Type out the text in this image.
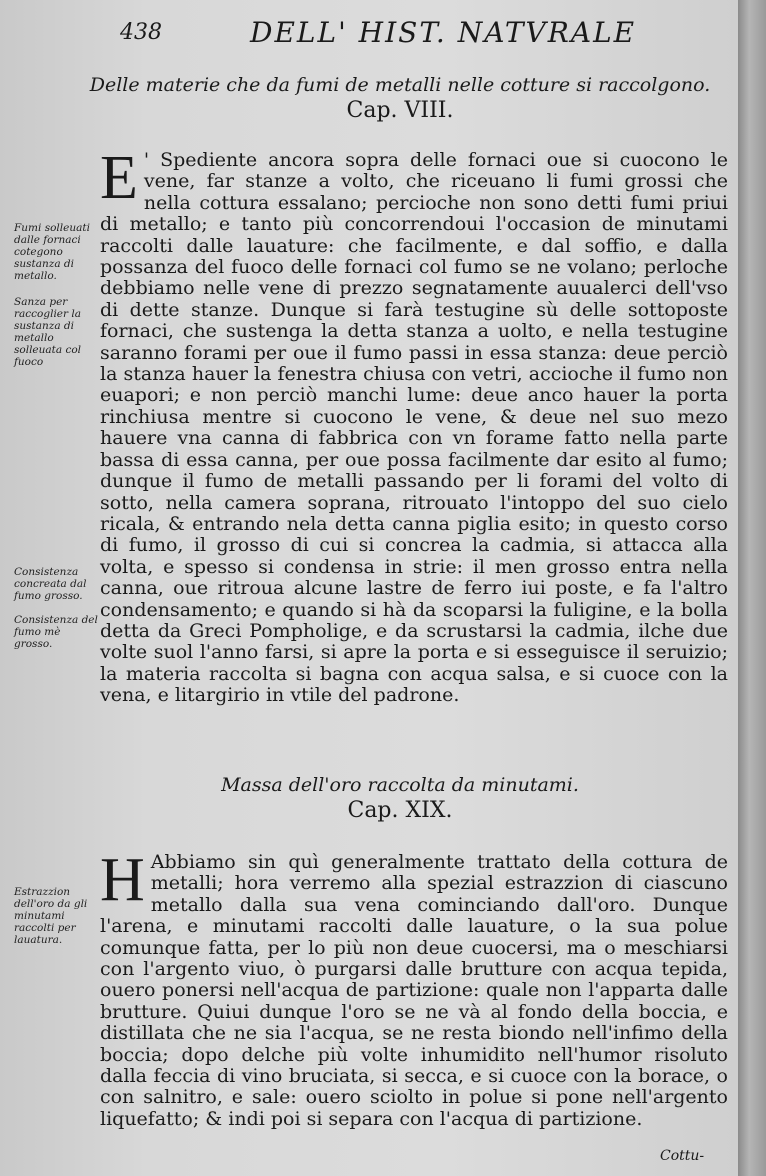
438	DELL' HIST. NATVRALE
Delle materie che da fumi de metalli nelle cotture si raccolgono.
Cap. VIII.
E ' Spediente ancora sopra delle fornaci oue si cuocono le vene, far stanze a volto, che riceuano li fumi grossi che nella cottura essalano; percioche non sono detti fumi priui di metallo; e tanto più concorrendoui l'occasion de minutami raccolti dalle lauature: che facilmente, e dal soffio, e dalla possanza del fuoco delle fornaci col fumo se ne volano; perloche debbiamo nelle vene di prezzo segnatamente auualerci dell'vso di dette stanze. Dunque si farà testugine sù delle sottoposte fornaci, che sustenga la detta stanza a uolto, e nella testugine saranno forami per oue il fumo passi in essa stanza: deue perciò la stanza hauer la fenestra chiusa con vetri, accioche il fumo non euapori; e non perciò manchi lume: deue anco hauer la porta rinchiusa mentre si cuocono le vene, & deue nel suo mezo hauere vna canna di fabbrica con vn forame fatto nella parte bassa di essa canna, per oue possa facilmente dar esito al fumo; dunque il fumo de metalli passando per li forami del volto di sotto, nella camera soprana, ritrouato l'intoppo del suo cielo ricala, & entrando nela detta canna piglia esito; in questo corso di fumo, il grosso di cui si concrea la cadmia, si attacca alla volta, e spesso si condensa in strie: il men grosso entra nella canna, oue ritroua alcune lastre de ferro iui poste, e fa l'altro condensamento; e quando si hà da scoparsi la fuligine, e la bolla detta da Greci Pompholige, e da scrustarsi la cadmia, ilche due volte suol l'anno farsi, si apre la porta e si esseguisce il seruizio; la materia raccolta si bagna con acqua salsa, e si cuoce con la vena, e litargirio in vtile del padrone.
Fumi solleuati dalle fornaci cotegono sustanza di metallo.
Sanza per raccoglier la sustanza di metallo solleuata col fuoco
Consistenza concreata dal fumo grosso.
Consistenza del fumo mè grosso.
Massa dell'oro raccolta da minutami.
Cap. XIX.
H Abbiamo sin quì generalmente trattato della cottura de metalli; hora verremo alla spezial estrazzion di ciascuno metallo dalla sua vena cominciando dall'oro. Dunque l'arena, e minutami raccolti dalle lauature, o la sua polue comunque fatta, per lo più non deue cuocersi, ma o meschiarsi con l'argento viuo, ò purgarsi dalle brutture con acqua tepida, ouero ponersi nell'acqua de partizione: quale non l'apparta dalle brutture. Quiui dunque l'oro se ne và al fondo della boccia, e distillata che ne sia l'acqua, se ne resta biondo nell'infimo della boccia; dopo delche più volte inhumidito nell'humor risoluto dalla feccia di vino bruciata, si secca, e si cuoce con la borace, o con salnitro, e sale: ouero sciolto in polue si pone nell'argento liquefatto; & indi poi si separa con l'acqua di partizione.
Estrazzion dell'oro da gli minutami raccolti per lauatura.
Cottu-
